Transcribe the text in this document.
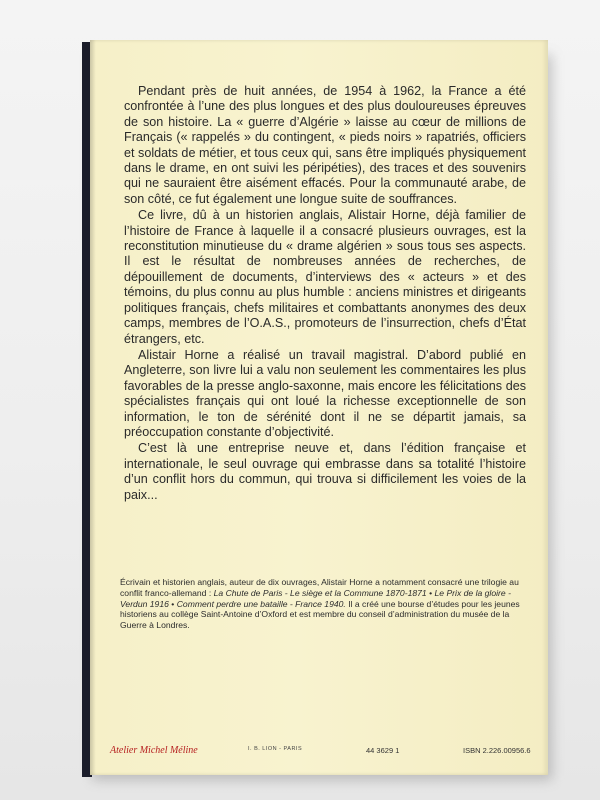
Pendant près de huit années, de 1954 à 1962, la France a été confrontée à l’une des plus longues et des plus douloureuses épreuves de son histoire. La « guerre d’Algérie » laisse au cœur de millions de Français (« rappelés » du contingent, « pieds noirs » rapatriés, officiers et soldats de métier, et tous ceux qui, sans être impliqués physiquement dans le drame, en ont suivi les péripéties), des traces et des souvenirs qui ne sauraient être aisément effacés. Pour la communauté arabe, de son côté, ce fut également une longue suite de souffrances.

Ce livre, dû à un historien anglais, Alistair Horne, déjà familier de l’histoire de France à laquelle il a consacré plusieurs ouvrages, est la reconstitution minutieuse du « drame algérien » sous tous ses aspects. Il est le résultat de nombreuses années de recherches, de dépouillement de documents, d’interviews des « acteurs » et des témoins, du plus connu au plus humble : anciens ministres et dirigeants politiques français, chefs militaires et combattants anonymes des deux camps, membres de l’O.A.S., promoteurs de l’insurrection, chefs d’État étrangers, etc.

Alistair Horne a réalisé un travail magistral. D’abord publié en Angleterre, son livre lui a valu non seulement les commentaires les plus favorables de la presse anglo-saxonne, mais encore les félicitations des spécialistes français qui ont loué la richesse exceptionnelle de son information, le ton de sérénité dont il ne se départit jamais, sa préoccupation constante d’objectivité.

C’est là une entreprise neuve et, dans l’édition française et internationale, le seul ouvrage qui embrasse dans sa totalité l’histoire d’un conflit hors du commun, qui trouva si difficilement les voies de la paix...

Écrivain et historien anglais, auteur de dix ouvrages, Alistair Horne a notamment consacré une trilogie au conflit franco-allemand : La Chute de Paris - Le siège et la Commune 1870-1871 • Le Prix de la gloire - Verdun 1916 • Comment perdre une bataille - France 1940. Il a créé une bourse d’études pour les jeunes historiens au collège Saint-Antoine d’Oxford et est membre du conseil d’administration du musée de la Guerre à Londres.
Atelier Michel Méline	I. B. LION - PARIS	44 3629 1	ISBN 2.226.00956.6
